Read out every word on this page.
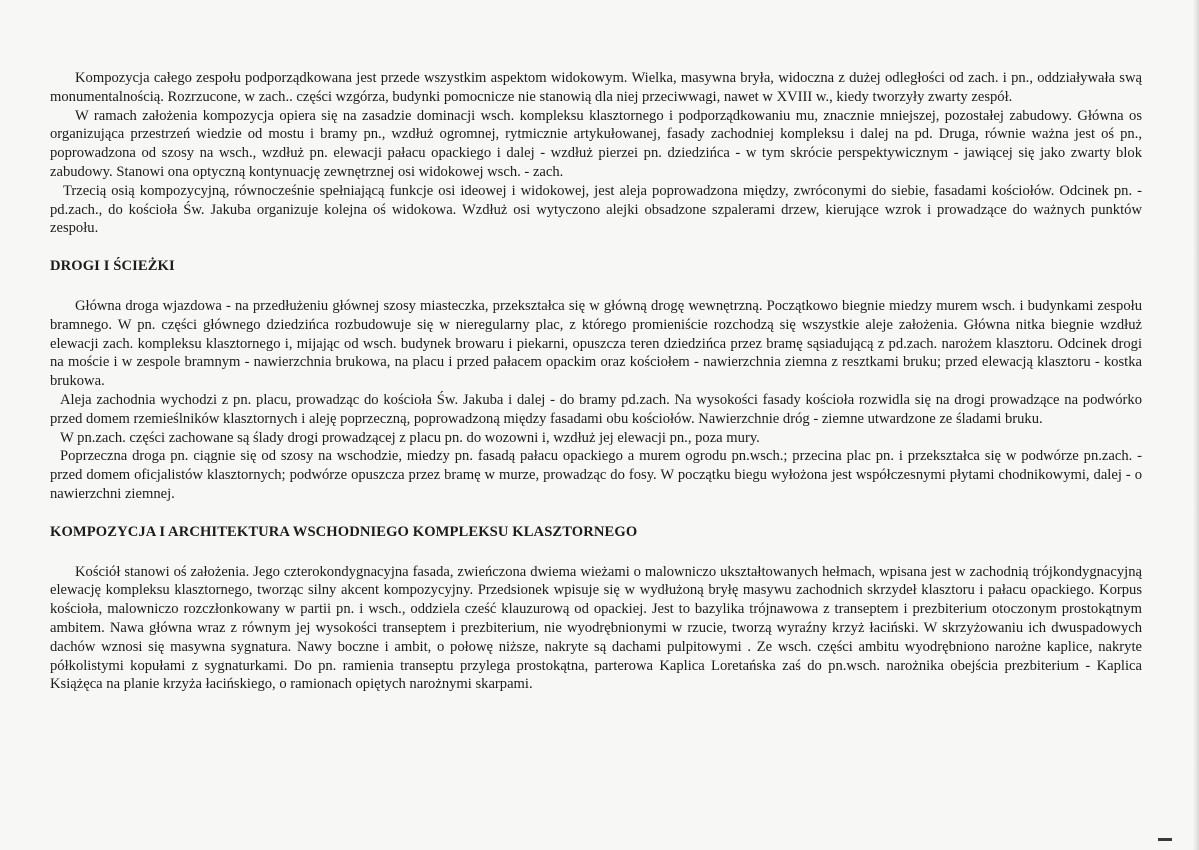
Kompozycja całego zespołu podporządkowana jest przede wszystkim aspektom widokowym. Wielka, masywna bryła, widoczna z dużej odległości od zach. i pn., oddziaływała swą monumentalnością. Rozrzucone, w zach.. części wzgórza, budynki pomocnicze nie stanowią dla niej przeciwwagi, nawet w XVIII w., kiedy tworzyły zwarty zespół.

W ramach założenia kompozycja opiera się na zasadzie dominacji wsch. kompleksu klasztornego i podporządkowaniu mu, znacznie mniejszej, pozostałej zabudowy. Główna os organizująca przestrzeń wiedzie od mostu i bramy pn., wzdłuż ogromnej, rytmicznie artykułowanej, fasady zachodniej kompleksu i dalej na pd. Druga, równie ważna jest oś pn., poprowadzona od szosy na wsch., wzdłuż pn. elewacji pałacu opackiego i dalej - wzdłuż pierzei pn. dziedzińca - w tym skrócie perspektywicznym - jawiącej się jako zwarty blok zabudowy. Stanowi ona optyczną kontynuację zewnętrznej osi widokowej wsch. - zach.

Trzecią osią kompozycyjną, równocześnie spełniającą funkcje osi ideowej i widokowej, jest aleja poprowadzona między, zwróconymi do siebie, fasadami kościołów. Odcinek pn. - pd.zach., do kościoła Św. Jakuba organizuje kolejna oś widokowa. Wzdłuż osi wytyczono alejki obsadzone szpalerami drzew, kierujące wzrok i prowadzące do ważnych punktów zespołu.

DROGI I ŚCIEŻKI

Główna droga wjazdowa - na przedłużeniu głównej szosy miasteczka, przekształca się w główną drogę wewnętrzną. Początkowo biegnie miedzy murem wsch. i budynkami zespołu bramnego. W pn. części głównego dziedzińca rozbudowuje się w nieregularny plac, z którego promieniście rozchodzą się wszystkie aleje założenia. Główna nitka biegnie wzdłuż elewacji zach. kompleksu klasztornego i, mijając od wsch. budynek browaru i piekarni, opuszcza teren dziedzińca przez bramę sąsiadującą z pd.zach. narożem klasztoru. Odcinek drogi na moście i w zespole bramnym - nawierzchnia brukowa, na placu i przed pałacem opackim oraz kościołem - nawierzchnia ziemna z resztkami bruku; przed elewacją klasztoru - kostka brukowa.

Aleja zachodnia wychodzi z pn. placu, prowadząc do kościoła Św. Jakuba i dalej - do bramy pd.zach. Na wysokości fasady kościoła rozwidla się na drogi prowadzące na podwórko przed domem rzemieślników klasztornych i aleję poprzeczną, poprowadzoną między fasadami obu kościołów. Nawierzchnie dróg - ziemne utwardzone ze śladami bruku.

W pn.zach. części zachowane są ślady drogi prowadzącej z placu pn. do wozowni i, wzdłuż jej elewacji pn., poza mury.

Poprzeczna droga pn. ciągnie się od szosy na wschodzie, miedzy pn. fasadą pałacu opackiego a murem ogrodu pn.wsch.; przecina plac pn. i przekształca się w podwórze pn.zach. - przed domem oficjalistów klasztornych; podwórze opuszcza przez bramę w murze, prowadząc do fosy. W początku biegu wyłożona jest współczesnymi płytami chodnikowymi, dalej - o nawierzchni ziemnej.

KOMPOZYCJA I ARCHITEKTURA WSCHODNIEGO KOMPLEKSU KLASZTORNEGO

Kościół stanowi oś założenia. Jego czterokondygnacyjna fasada, zwieńczona dwiema wieżami o malowniczo ukształtowanych hełmach, wpisana jest w zachodnią trójkondygnacyjną elewację kompleksu klasztornego, tworząc silny akcent kompozycyjny. Przedsionek wpisuje się w wydłużoną bryłę masywu zachodnich skrzydeł klasztoru i pałacu opackiego. Korpus kościoła, malowniczo rozczłonkowany w partii pn. i wsch., oddziela cześć klauzurową od opackiej. Jest to bazylika trójnawowa z transeptem i prezbiterium otoczonym prostokątnym ambitem. Nawa główna wraz z równym jej wysokości transeptem i prezbiterium, nie wyodrębnionymi w rzucie, tworzą wyraźny krzyż łaciński. W skrzyżowaniu ich dwuspadowych dachów wznosi się masywna sygnatura. Nawy boczne i ambit, o połowę niższe, nakryte są dachami pulpitowymi . Ze wsch. części ambitu wyodrębniono narożne kaplice, nakryte półkolistymi kopułami z sygnaturkami. Do pn. ramienia transeptu przylega prostokątna, parterowa Kaplica Loretańska zaś do pn.wsch. narożnika obejścia prezbiterium - Kaplica Książęca na planie krzyża łacińskiego, o ramionach opiętych narożnymi skarpami.
